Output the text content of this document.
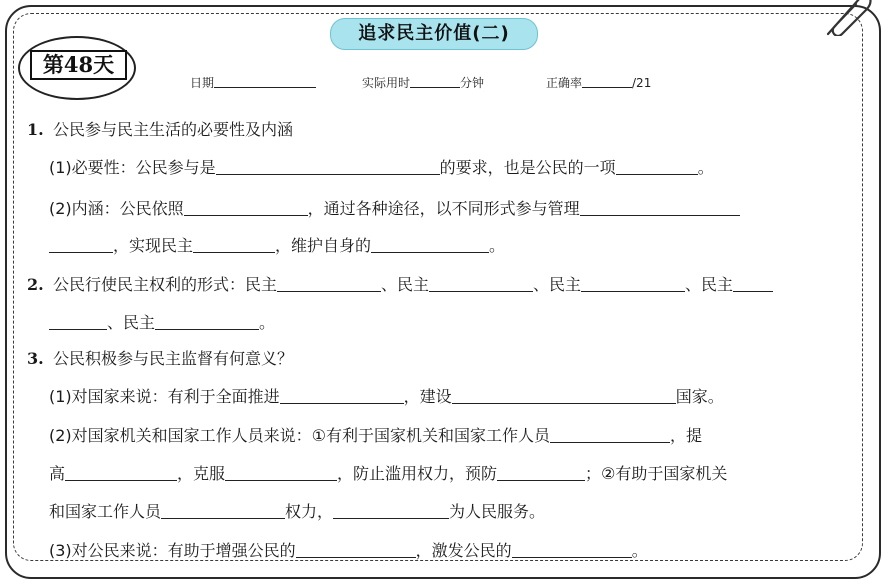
追求民主价值(二)
第48天
日期	实际用时	分钟	正确率	/21
1. 公民参与民主生活的必要性及内涵
(1)必要性：公民参与是	的要求，也是公民的一项	。
(2)内涵：公民依照	，通过各种途径，以不同形式参与管理
，实现民主	，维护自身的	。
2. 公民行使民主权利的形式：民主	、民主	、民主	、民主
、民主	。
3. 公民积极参与民主监督有何意义？
(1)对国家来说：有利于全面推进	，建设	国家。
(2)对国家机关和国家工作人员来说：①有利于国家机关和国家工作人员	，提
高	，克服	，防止滥用权力，预防	；②有助于国家机关
和国家工作人员	权力，	为人民服务。
(3)对公民来说：有助于增强公民的	，激发公民的	。
